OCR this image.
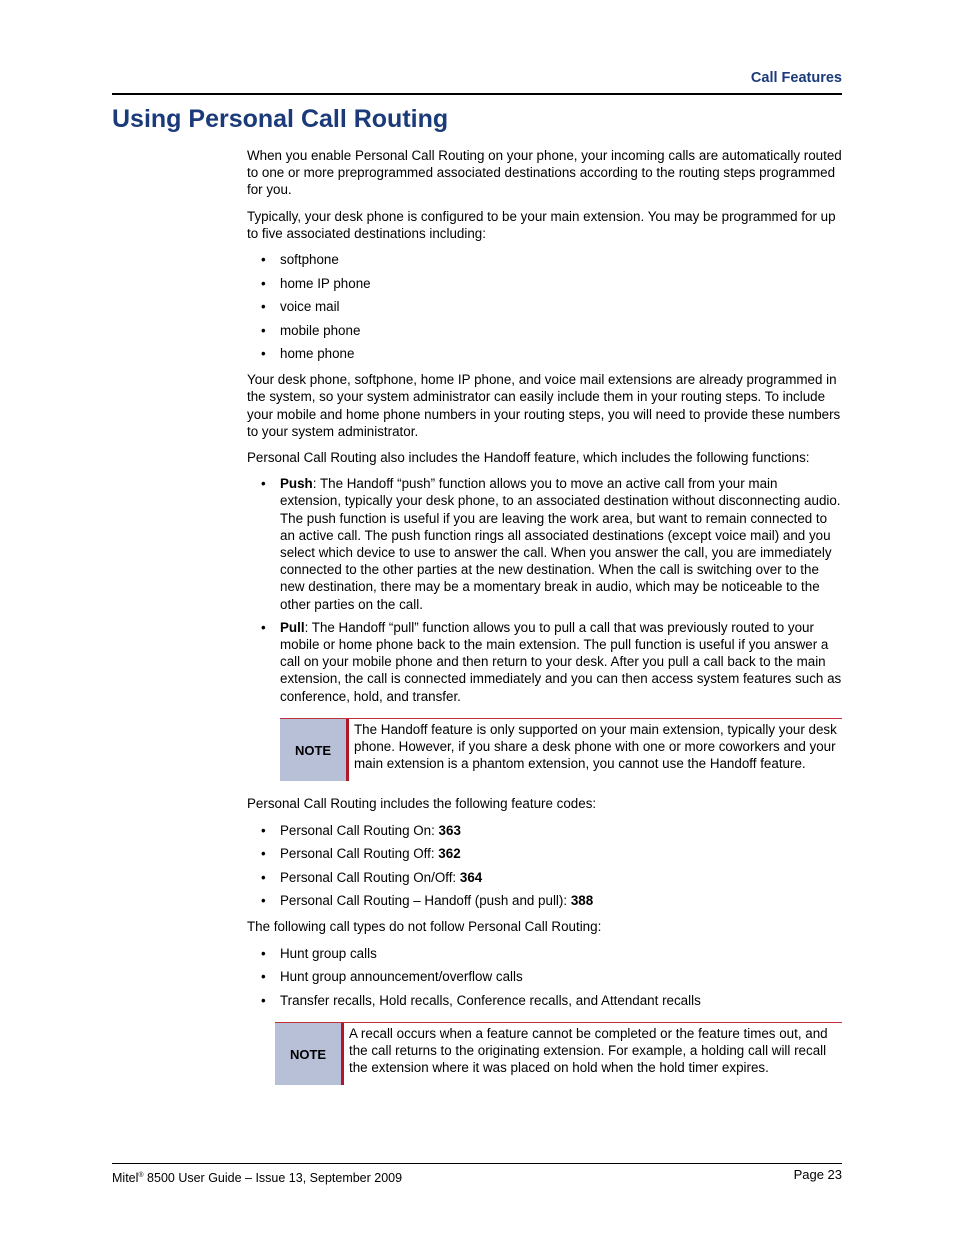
Call Features
Using Personal Call Routing

When you enable Personal Call Routing on your phone, your incoming calls are automatically routed to one or more preprogrammed associated destinations according to the routing steps programmed for you.

Typically, your desk phone is configured to be your main extension. You may be programmed for up to five associated destinations including:

• softphone
• home IP phone
• voice mail
• mobile phone
• home phone

Your desk phone, softphone, home IP phone, and voice mail extensions are already programmed in the system, so your system administrator can easily include them in your routing steps. To include your mobile and home phone numbers in your routing steps, you will need to provide these numbers to your system administrator.

Personal Call Routing also includes the Handoff feature, which includes the following functions:

• Push: The Handoff “push” function allows you to move an active call from your main extension, typically your desk phone, to an associated destination without disconnecting audio. The push function is useful if you are leaving the work area, but want to remain connected to an active call. The push function rings all associated destinations (except voice mail) and you select which device to use to answer the call. When you answer the call, you are immediately connected to the other parties at the new destination. When the call is switching over to the new destination, there may be a momentary break in audio, which may be noticeable to the other parties on the call.
• Pull: The Handoff “pull” function allows you to pull a call that was previously routed to your mobile or home phone back to the main extension. The pull function is useful if you answer a call on your mobile phone and then return to your desk. After you pull a call back to the main extension, the call is connected immediately and you can then access system features such as conference, hold, and transfer.
NOTE
The Handoff feature is only supported on your main extension, typically your desk phone. However, if you share a desk phone with one or more coworkers and your main extension is a phantom extension, you cannot use the Handoff feature.

Personal Call Routing includes the following feature codes:

• Personal Call Routing On: 363
• Personal Call Routing Off: 362
• Personal Call Routing On/Off: 364
• Personal Call Routing – Handoff (push and pull): 388

The following call types do not follow Personal Call Routing:

• Hunt group calls
• Hunt group announcement/overflow calls
• Transfer recalls, Hold recalls, Conference recalls, and Attendant recalls
NOTE
A recall occurs when a feature cannot be completed or the feature times out, and the call returns to the originating extension. For example, a holding call will recall the extension where it was placed on hold when the hold timer expires.
Mitel® 8500 User Guide – Issue 13, September 2009	Page 23
